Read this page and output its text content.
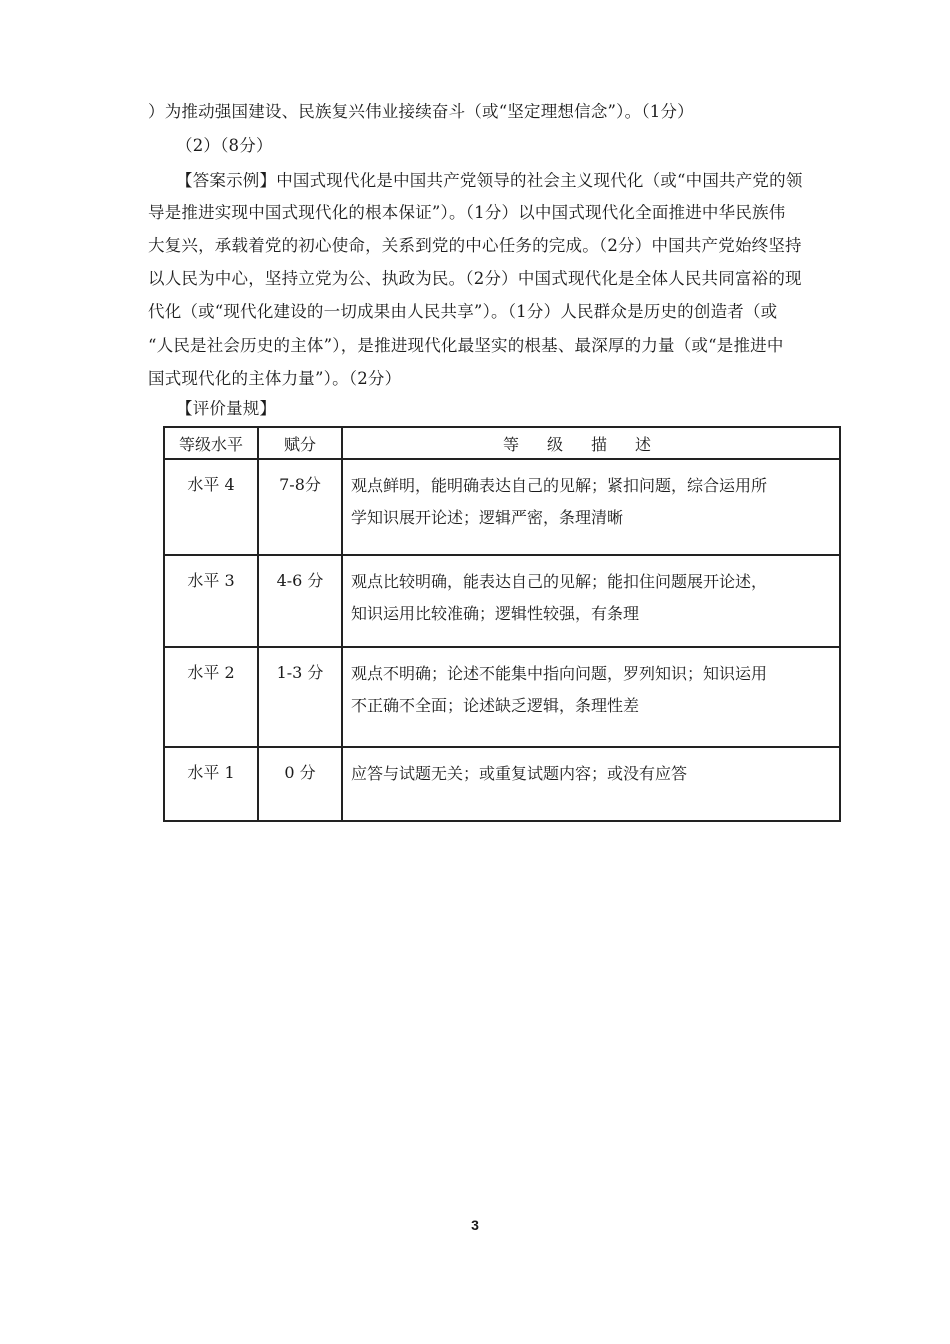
）为推动强国建设、民族复兴伟业接续奋斗（或“坚定理想信念”）。（1分）
（2）（8分）
【答案示例】中国式现代化是中国共产党领导的社会主义现代化（或“中国共产党的领
导是推进实现中国式现代化的根本保证”）。（1分）以中国式现代化全面推进中华民族伟
大复兴，承载着党的初心使命，关系到党的中心任务的完成。（2分）中国共产党始终坚持
以人民为中心，坚持立党为公、执政为民。（2分）中国式现代化是全体人民共同富裕的现
代化（或“现代化建设的一切成果由人民共享”）。（1分）人民群众是历史的创造者（或
“人民是社会历史的主体”），是推进现代化最坚实的根基、最深厚的力量（或“是推进中
国式现代化的主体力量”）。（2分）
【评价量规】
等级水平	赋分	等级描述
水平 4	7-8分	观点鲜明，能明确表达自己的见解；紧扣问题，综合运用所
学知识展开论述；逻辑严密，条理清晰

水平 3	4-6 分	观点比较明确，能表达自己的见解；能扣住问题展开论述，
知识运用比较准确；逻辑性较强，有条理

水平 2	1-3 分	观点不明确；论述不能集中指向问题，罗列知识；知识运用
不正确不全面；论述缺乏逻辑，条理性差

水平 1	0 分	应答与试题无关；或重复试题内容；或没有应答
3
